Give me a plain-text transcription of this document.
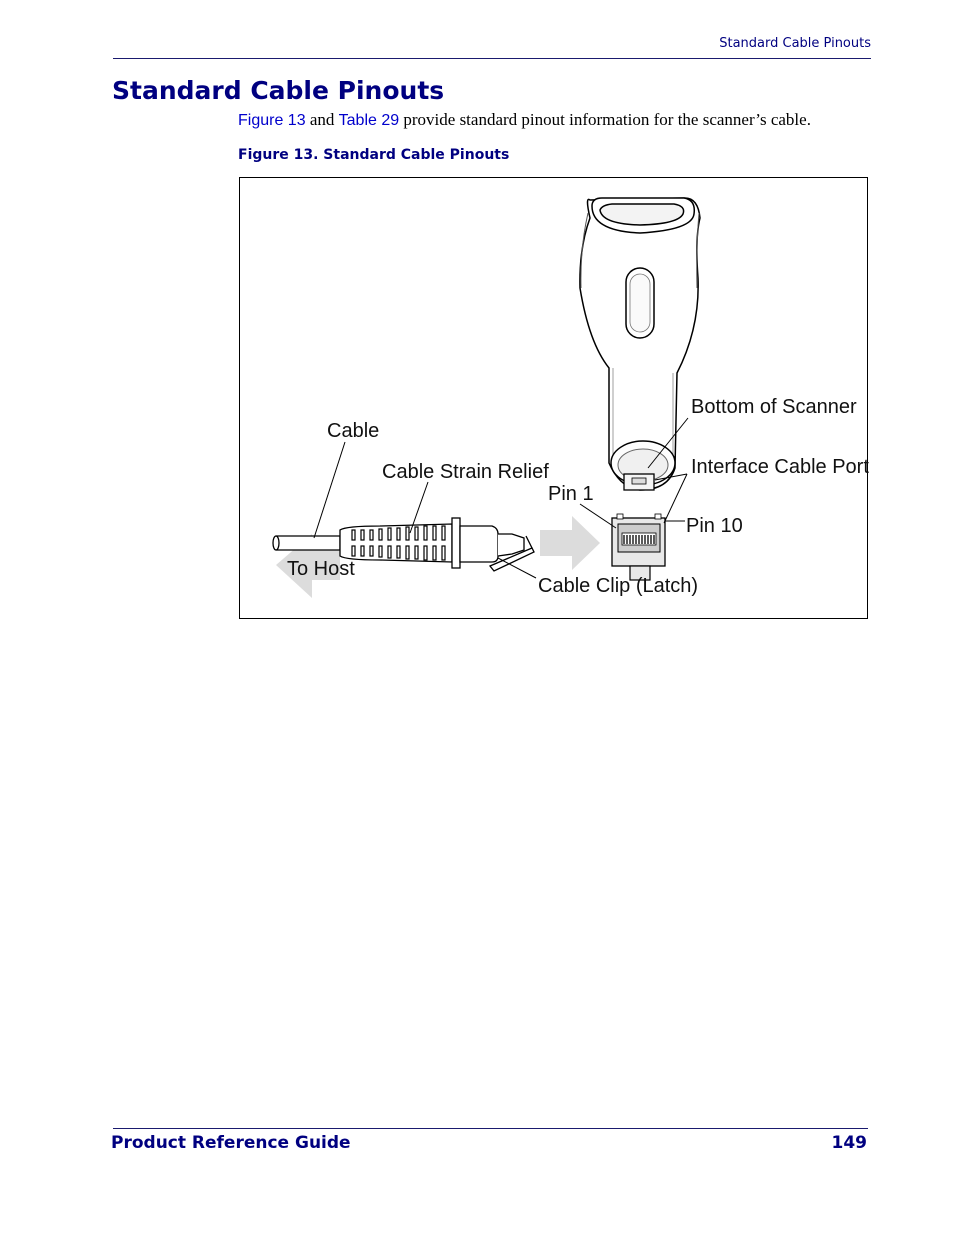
Standard Cable Pinouts
Standard Cable Pinouts

Figure 13 and Table 29 provide standard pinout information for the scanner’s cable.

Figure 13. Standard Cable Pinouts

Bottom of Scanner
Cable
Cable Strain Relief	Interface Cable Port
Pin 1
Pin 10
To Host
Cable Clip (Latch)
Product Reference Guide	149
